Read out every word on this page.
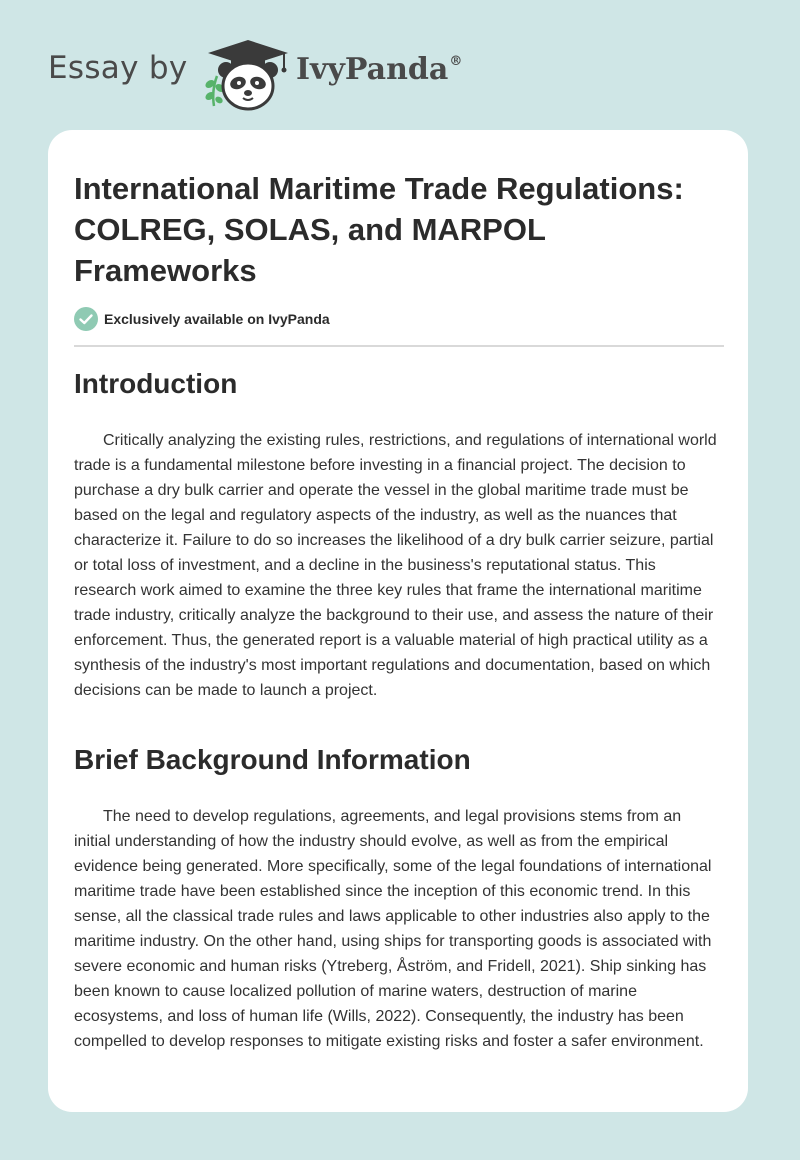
Essay by	IvyPanda®
International Maritime Trade Regulations: COLREG, SOLAS, and MARPOL Frameworks
Exclusively available on IvyPanda
Introduction

Critically analyzing the existing rules, restrictions, and regulations of international world trade is a fundamental milestone before investing in a financial project. The decision to purchase a dry bulk carrier and operate the vessel in the global maritime trade must be based on the legal and regulatory aspects of the industry, as well as the nuances that characterize it. Failure to do so increases the likelihood of a dry bulk carrier seizure, partial or total loss of investment, and a decline in the business's reputational status. This research work aimed to examine the three key rules that frame the international maritime trade industry, critically analyze the background to their use, and assess the nature of their enforcement. Thus, the generated report is a valuable material of high practical utility as a synthesis of the industry's most important regulations and documentation, based on which decisions can be made to launch a project.

Brief Background Information

The need to develop regulations, agreements, and legal provisions stems from an initial understanding of how the industry should evolve, as well as from the empirical evidence being generated. More specifically, some of the legal foundations of international maritime trade have been established since the inception of this economic trend. In this sense, all the classical trade rules and laws applicable to other industries also apply to the maritime industry. On the other hand, using ships for transporting goods is associated with severe economic and human risks (Ytreberg, Åström, and Fridell, 2021). Ship sinking has been known to cause localized pollution of marine waters, destruction of marine ecosystems, and loss of human life (Wills, 2022). Consequently, the industry has been compelled to develop responses to mitigate existing risks and foster a safer environment.
